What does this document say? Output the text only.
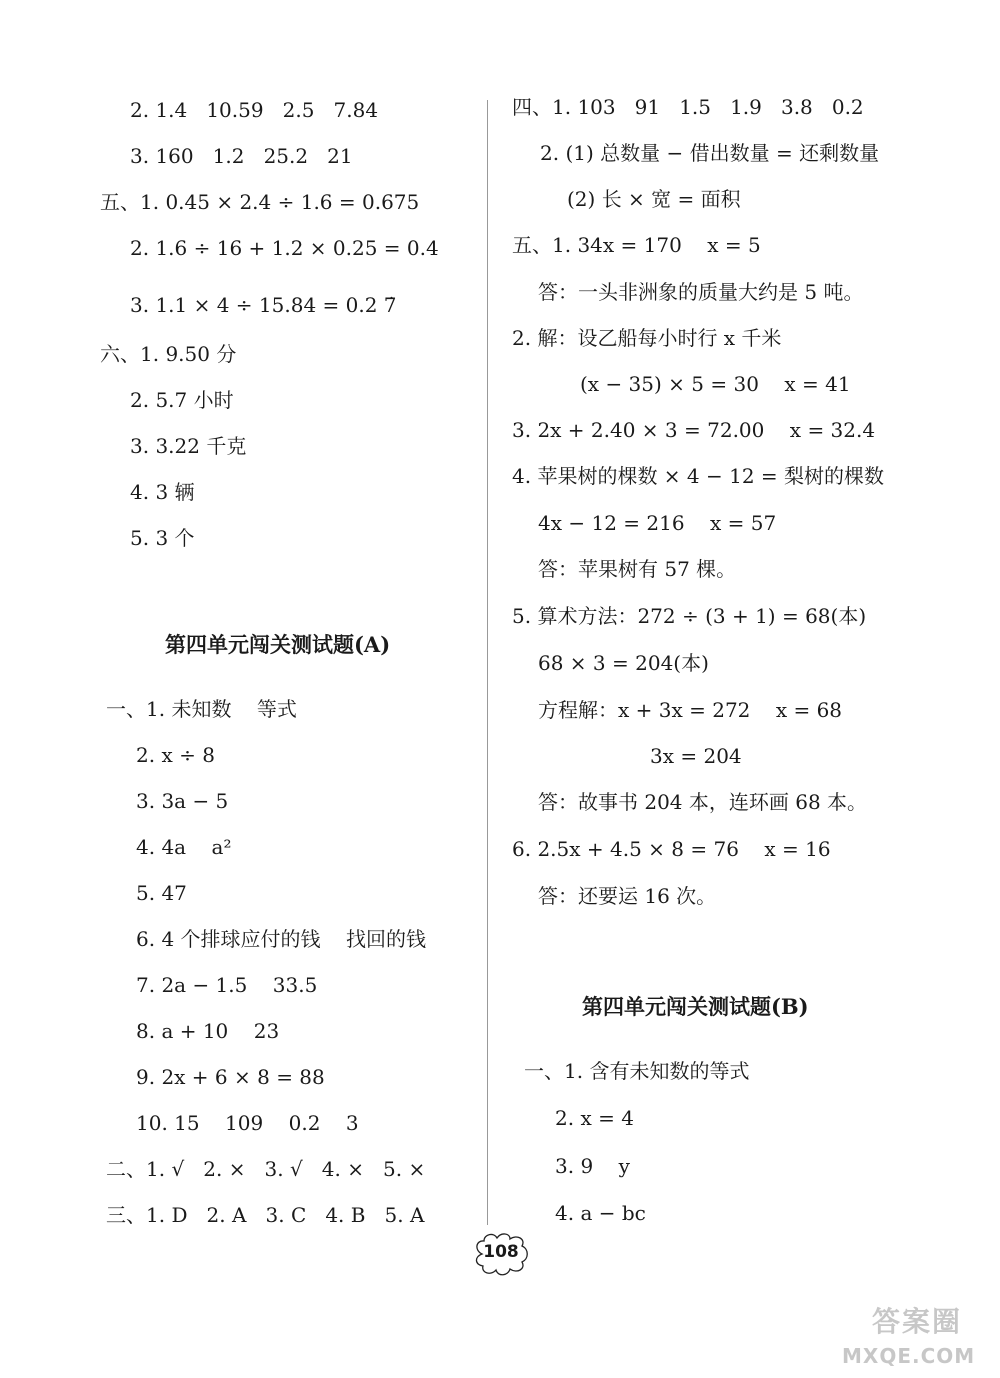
2. 1.4   10.59   2.5   7.84
3. 160   1.2   25.2   21
五、1. 0.45 × 2.4 ÷ 1.6 = 0.675
2. 1.6 ÷ 16 + 1.2 × 0.25 = 0.4
3. 1.1 × 4 ÷ 15.84 = 0.2 7̇
六、1. 9.50 分
2. 5.7 小时
3. 3.22 千克
4. 3 辆
5. 3 个
第四单元闯关测试题(A)
一、1. 未知数    等式
2. x ÷ 8
3. 3a − 5
4. 4a    a²
5. 47
6. 4 个排球应付的钱    找回的钱
7. 2a − 1.5    33.5
8. a + 10    23
9. 2x + 6 × 8 = 88
10. 15    109    0.2    3
二、1. √   2. ×   3. √   4. ×   5. ×
三、1. D   2. A   3. C   4. B   5. A
四、1. 103   91   1.5   1.9   3.8   0.2
2. (1) 总数量 − 借出数量 = 还剩数量
(2) 长 × 宽 = 面积
五、1. 34x = 170    x = 5
答：一头非洲象的质量大约是 5 吨。
2. 解：设乙船每小时行 x 千米
(x − 35) × 5 = 30    x = 41
3. 2x + 2.40 × 3 = 72.00    x = 32.4
4. 苹果树的棵数 × 4 − 12 = 梨树的棵数
4x − 12 = 216    x = 57
答：苹果树有 57 棵。
5. 算术方法：272 ÷ (3 + 1) = 68(本)
68 × 3 = 204(本)
方程解：x + 3x = 272    x = 68
3x = 204
答：故事书 204 本，连环画 68 本。
6. 2.5x + 4.5 × 8 = 76    x = 16
答：还要运 16 次。
第四单元闯关测试题(B)
一、1. 含有未知数的等式
2. x = 4
3. 9    y
4. a − bc
108
答案圈
MXQE.COM
